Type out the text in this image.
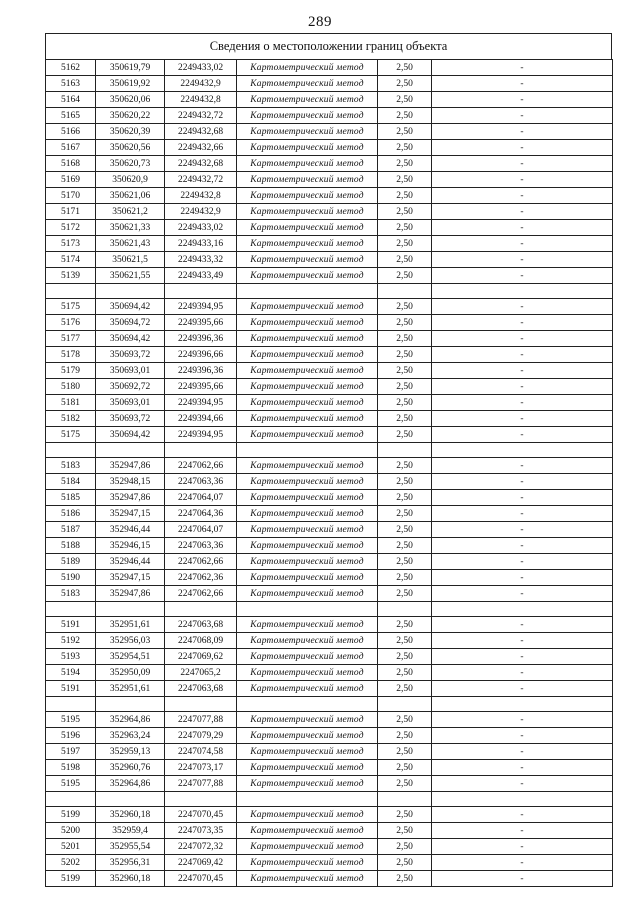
289
Сведения о местоположении границ объекта
5162	350619,79	2249433,02	Картометрический метод	2,50	-
5163	350619,92	2249432,9	Картометрический метод	2,50	-
5164	350620,06	2249432,8	Картометрический метод	2,50	-
5165	350620,22	2249432,72	Картометрический метод	2,50	-
5166	350620,39	2249432,68	Картометрический метод	2,50	-
5167	350620,56	2249432,66	Картометрический метод	2,50	-
5168	350620,73	2249432,68	Картометрический метод	2,50	-
5169	350620,9	2249432,72	Картометрический метод	2,50	-
5170	350621,06	2249432,8	Картометрический метод	2,50	-
5171	350621,2	2249432,9	Картометрический метод	2,50	-
5172	350621,33	2249433,02	Картометрический метод	2,50	-
5173	350621,43	2249433,16	Картометрический метод	2,50	-
5174	350621,5	2249433,32	Картометрический метод	2,50	-
5139	350621,55	2249433,49	Картометрический метод	2,50	-

5175	350694,42	2249394,95	Картометрический метод	2,50	-
5176	350694,72	2249395,66	Картометрический метод	2,50	-
5177	350694,42	2249396,36	Картометрический метод	2,50	-
5178	350693,72	2249396,66	Картометрический метод	2,50	-
5179	350693,01	2249396,36	Картометрический метод	2,50	-
5180	350692,72	2249395,66	Картометрический метод	2,50	-
5181	350693,01	2249394,95	Картометрический метод	2,50	-
5182	350693,72	2249394,66	Картометрический метод	2,50	-
5175	350694,42	2249394,95	Картометрический метод	2,50	-

5183	352947,86	2247062,66	Картометрический метод	2,50	-
5184	352948,15	2247063,36	Картометрический метод	2,50	-
5185	352947,86	2247064,07	Картометрический метод	2,50	-
5186	352947,15	2247064,36	Картометрический метод	2,50	-
5187	352946,44	2247064,07	Картометрический метод	2,50	-
5188	352946,15	2247063,36	Картометрический метод	2,50	-
5189	352946,44	2247062,66	Картометрический метод	2,50	-
5190	352947,15	2247062,36	Картометрический метод	2,50	-
5183	352947,86	2247062,66	Картометрический метод	2,50	-

5191	352951,61	2247063,68	Картометрический метод	2,50	-
5192	352956,03	2247068,09	Картометрический метод	2,50	-
5193	352954,51	2247069,62	Картометрический метод	2,50	-
5194	352950,09	2247065,2	Картометрический метод	2,50	-
5191	352951,61	2247063,68	Картометрический метод	2,50	-

5195	352964,86	2247077,88	Картометрический метод	2,50	-
5196	352963,24	2247079,29	Картометрический метод	2,50	-
5197	352959,13	2247074,58	Картометрический метод	2,50	-
5198	352960,76	2247073,17	Картометрический метод	2,50	-
5195	352964,86	2247077,88	Картометрический метод	2,50	-

5199	352960,18	2247070,45	Картометрический метод	2,50	-
5200	352959,4	2247073,35	Картометрический метод	2,50	-
5201	352955,54	2247072,32	Картометрический метод	2,50	-
5202	352956,31	2247069,42	Картометрический метод	2,50	-
5199	352960,18	2247070,45	Картометрический метод	2,50	-
